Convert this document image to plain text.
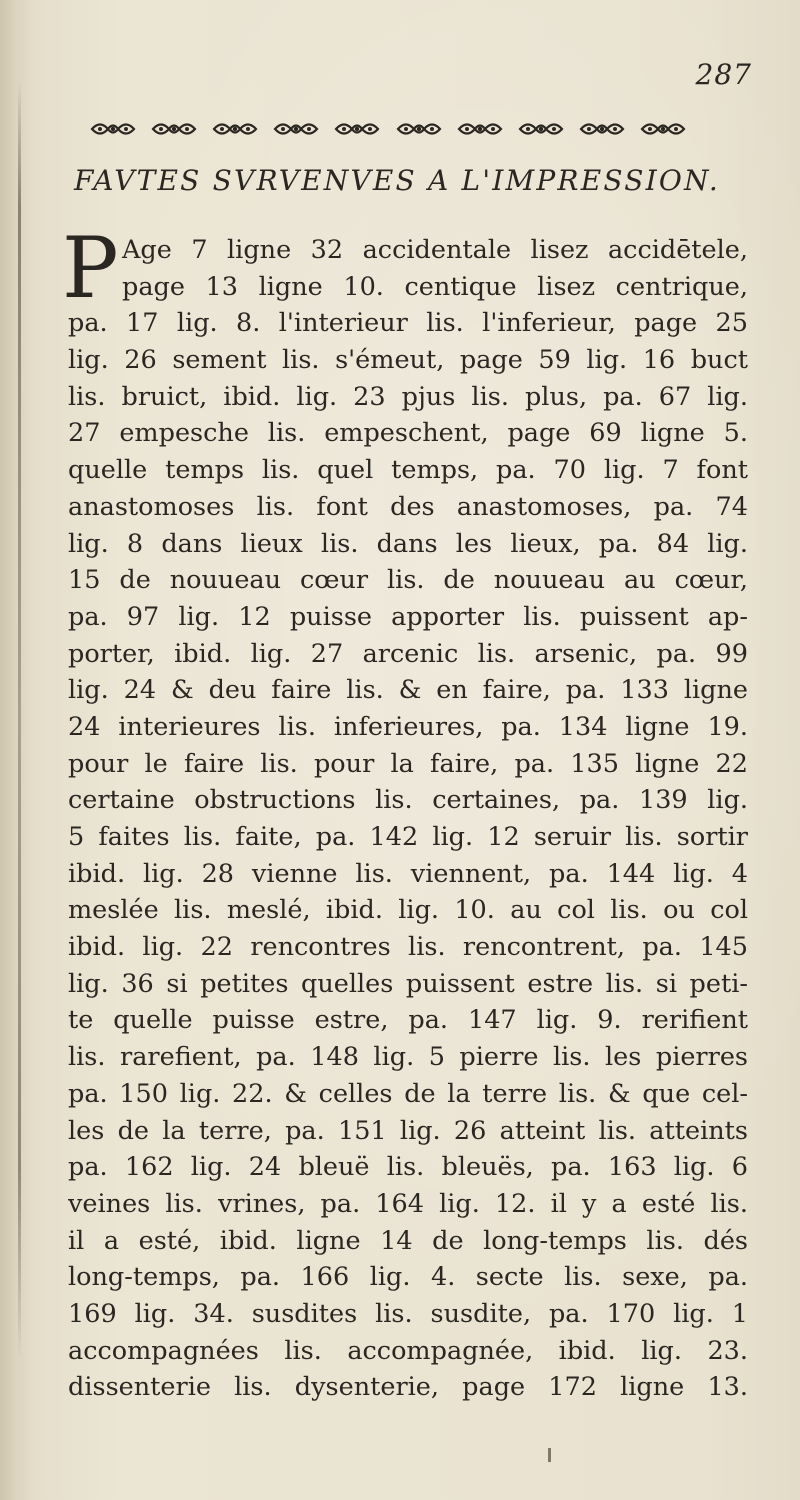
287
FAVTES SVRVENVES A L'IMPRESSION.
P Age 7 ligne 32 accidentale lisez accidētele,
page 13 ligne 10. centique lisez centrique,
pa. 17 lig. 8. l'interieur lis. l'inferieur, page 25
lig. 26 sement lis. s'émeut, page 59 lig. 16 buct
lis. bruict, ibid. lig. 23 pjus lis. plus, pa. 67 lig.
27 empesche lis. empeschent, page 69 ligne 5.
quelle temps lis. quel temps, pa. 70 lig. 7 font
anastomoses lis. font des anastomoses, pa. 74
lig. 8 dans lieux lis. dans les lieux, pa. 84 lig.
15 de nouueau cœur lis. de nouueau au cœur,
pa. 97 lig. 12 puisse apporter lis. puissent ap-
porter, ibid. lig. 27 arcenic lis. arsenic, pa. 99
lig. 24 & deu faire lis. & en faire, pa. 133 ligne
24 interieures lis. inferieures, pa. 134 ligne 19.
pour le faire lis. pour la faire, pa. 135 ligne 22
certaine obstructions lis. certaines, pa. 139 lig.
5 faites lis. faite, pa. 142 lig. 12 seruir lis. sortir
ibid. lig. 28 vienne lis. viennent, pa. 144 lig. 4
meslée lis. meslé, ibid. lig. 10. au col lis. ou col
ibid. lig. 22 rencontres lis. rencontrent, pa. 145
lig. 36 si petites quelles puissent estre lis. si peti-
te quelle puisse estre, pa. 147 lig. 9. rerifient
lis. rarefient, pa. 148 lig. 5 pierre lis. les pierres
pa. 150 lig. 22. & celles de la terre lis. & que cel-
les de la terre, pa. 151 lig. 26 atteint lis. atteints
pa. 162 lig. 24 bleuë lis. bleuës, pa. 163 lig. 6
veines lis. vrines, pa. 164 lig. 12. il y a esté lis.
il a esté, ibid. ligne 14 de long-temps lis. dés
long-temps, pa. 166 lig. 4. secte lis. sexe, pa.
169 lig. 34. susdites lis. susdite, pa. 170 lig. 1
accompagnées lis. accompagnée, ibid. lig. 23.
dissenterie lis. dysenterie, page 172 ligne 13.
